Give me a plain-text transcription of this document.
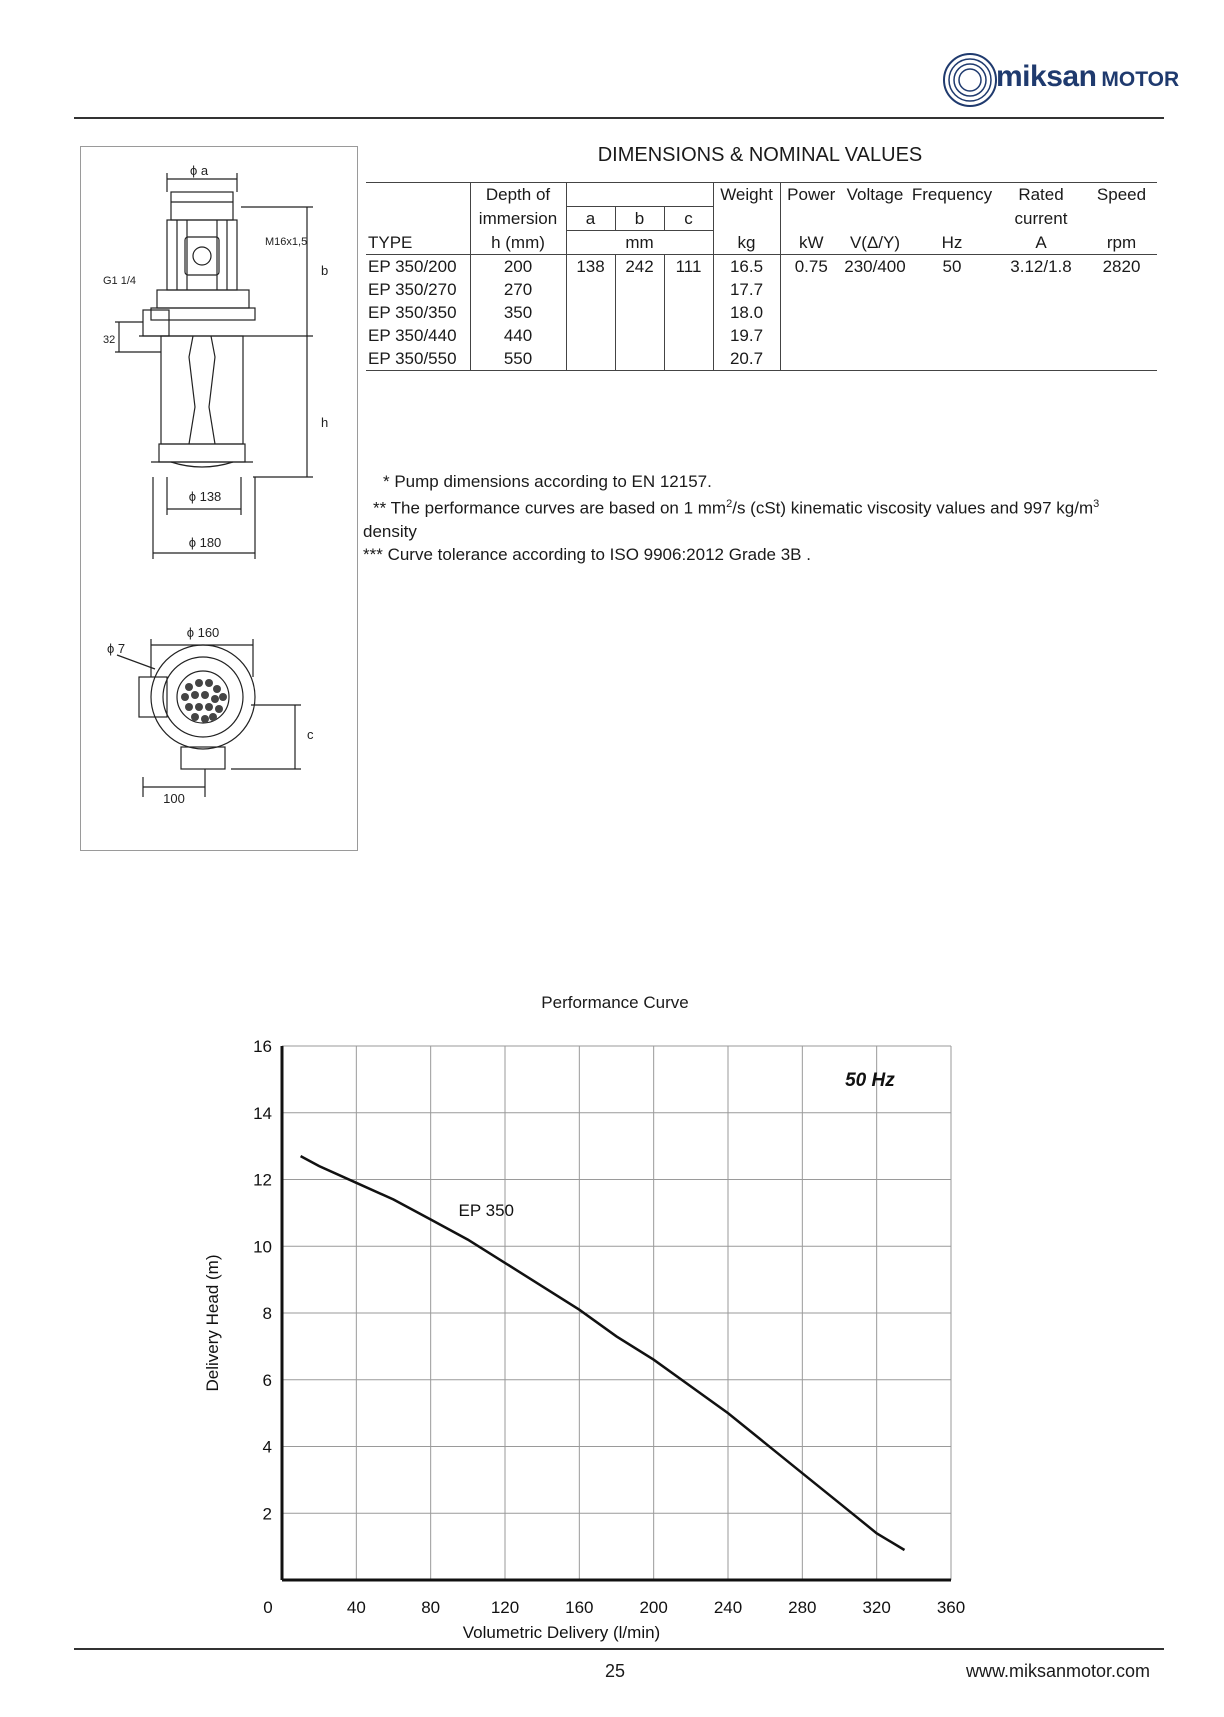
miksan MOTOR
ϕ a
M16x1,5
G1 1/4
b
h
32
ϕ 138
ϕ 180
ϕ 160
ϕ 7
c
100
DIMENSIONS & NOMINAL VALUES
	Depth of				Weight	Power	Voltage	Frequency	Rated	Speed
	immersion	a	b	c					current	
TYPE	h (mm)	mm			kg	kW	V(Δ/Y)	Hz	A	rpm
EP 350/200	200	138	242	111	16.5	0.75	230/400	50	3.12/1.8	2820
EP 350/270	270				17.7					
EP 350/350	350				18.0					
EP 350/440	440				19.7					
EP 350/550	550				20.7					

* Pump dimensions according to EN 12157.

** The performance curves are based on 1 $mm^2/s$ (cSt) kinematic viscosity values and 997 $kg/m^3$

density

*** Curve tolerance according to ISO 9906:2012 Grade 3B .

Performance Curve
2
4
6
8
10
12
14
16
0	40	80	120	160	200	240	280	320	360
EP 350
50 Hz
Volumetric Delivery (l/min)
Delivery Head (m)
25	www.miksanmotor.com
